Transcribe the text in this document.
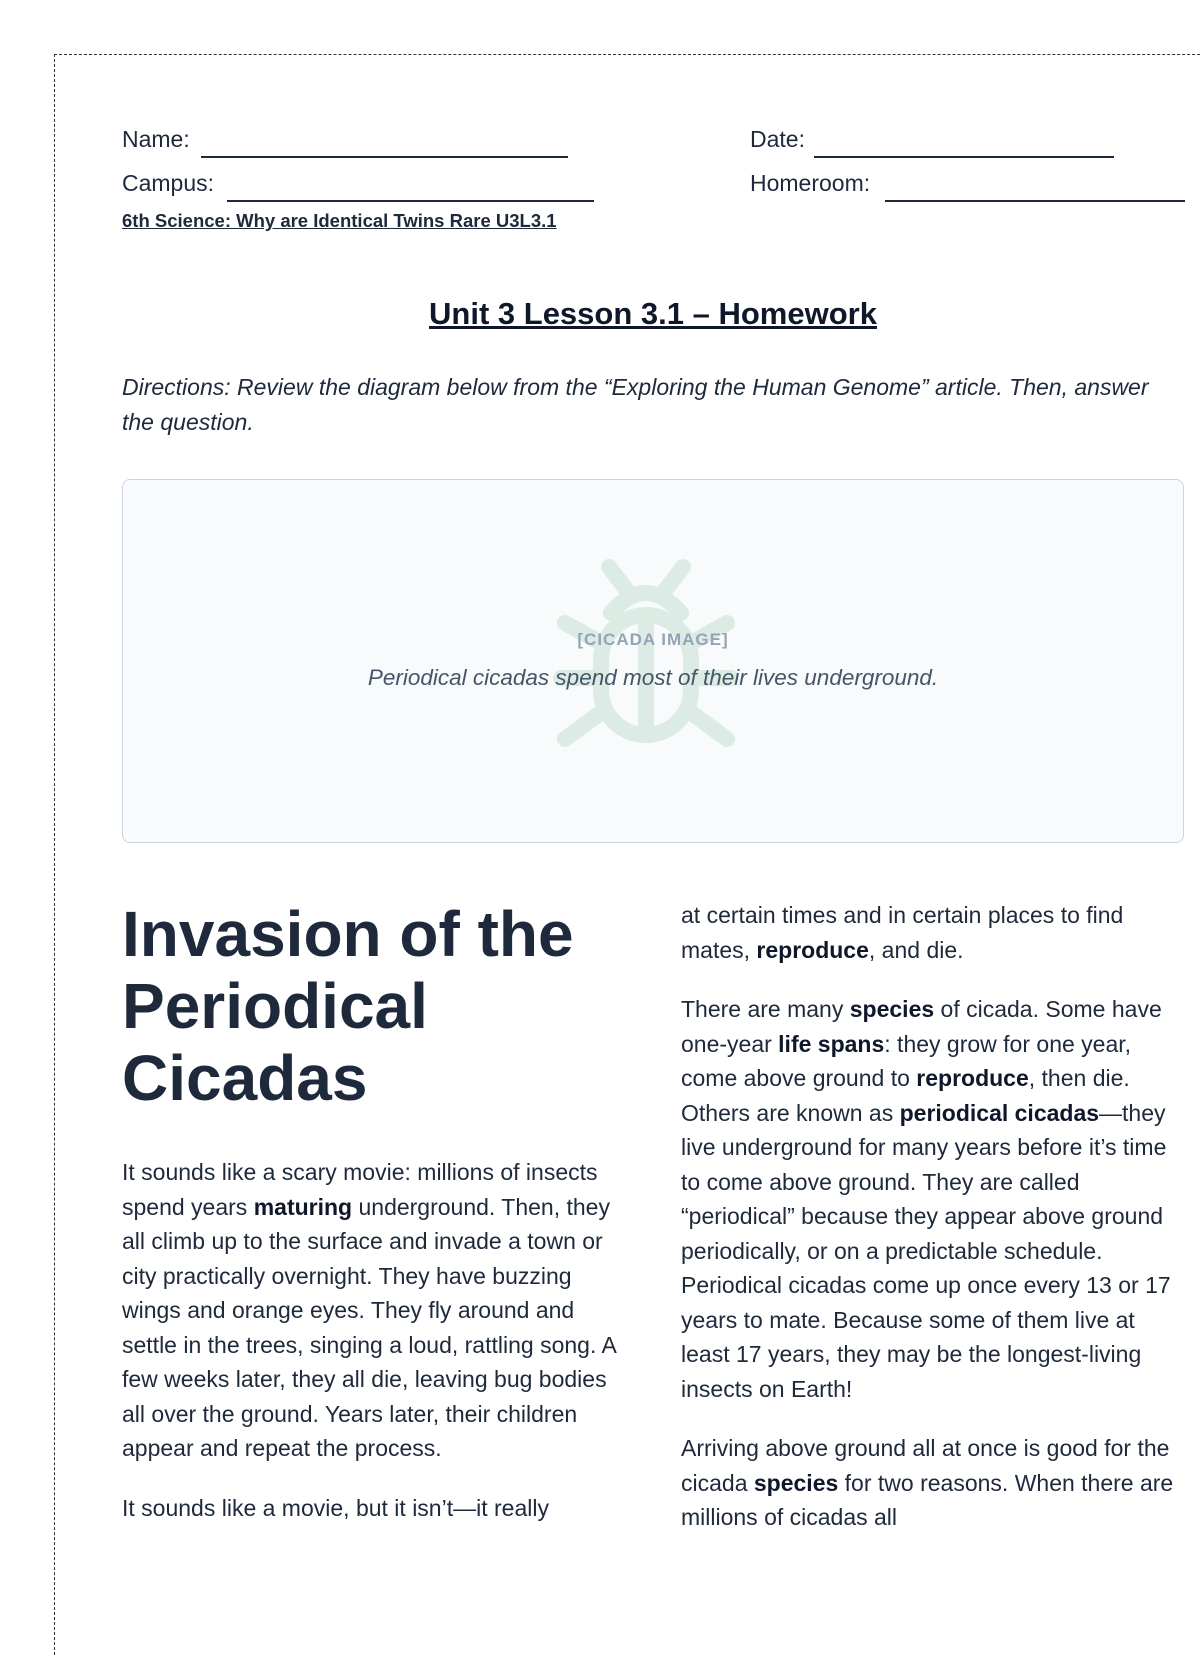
Name:	Date:
Campus:	Homeroom:
6th Science: Why are Identical Twins Rare U3L3.1
Unit 3 Lesson 3.1 – Homework
Directions: Review the diagram below from the “Exploring the Human Genome” article. Then, answer the question.
[CICADA IMAGE]
Periodical cicadas spend most of their lives underground.
Invasion of the Periodical Cicadas

It sounds like a scary movie: millions of insects spend years maturing underground. Then, they all climb up to the surface and invade a town or city practically overnight. They have buzzing wings and orange eyes. They fly around and settle in the trees, singing a loud, rattling song. A few weeks later, they all die, leaving bug bodies all over the ground. Years later, their children appear and repeat the process.

It sounds like a movie, but it isn’t—it really

at certain times and in certain places to find mates, reproduce, and die.

There are many species of cicada. Some have one-year life spans: they grow for one year, come above ground to reproduce, then die. Others are known as periodical cicadas—they live underground for many years before it’s time to come above ground. They are called “periodical” because they appear above ground periodically, or on a predictable schedule. Periodical cicadas come up once every 13 or 17 years to mate. Because some of them live at least 17 years, they may be the longest-living insects on Earth!

Arriving above ground all at once is good for the cicada species for two reasons. When there are millions of cicadas all
